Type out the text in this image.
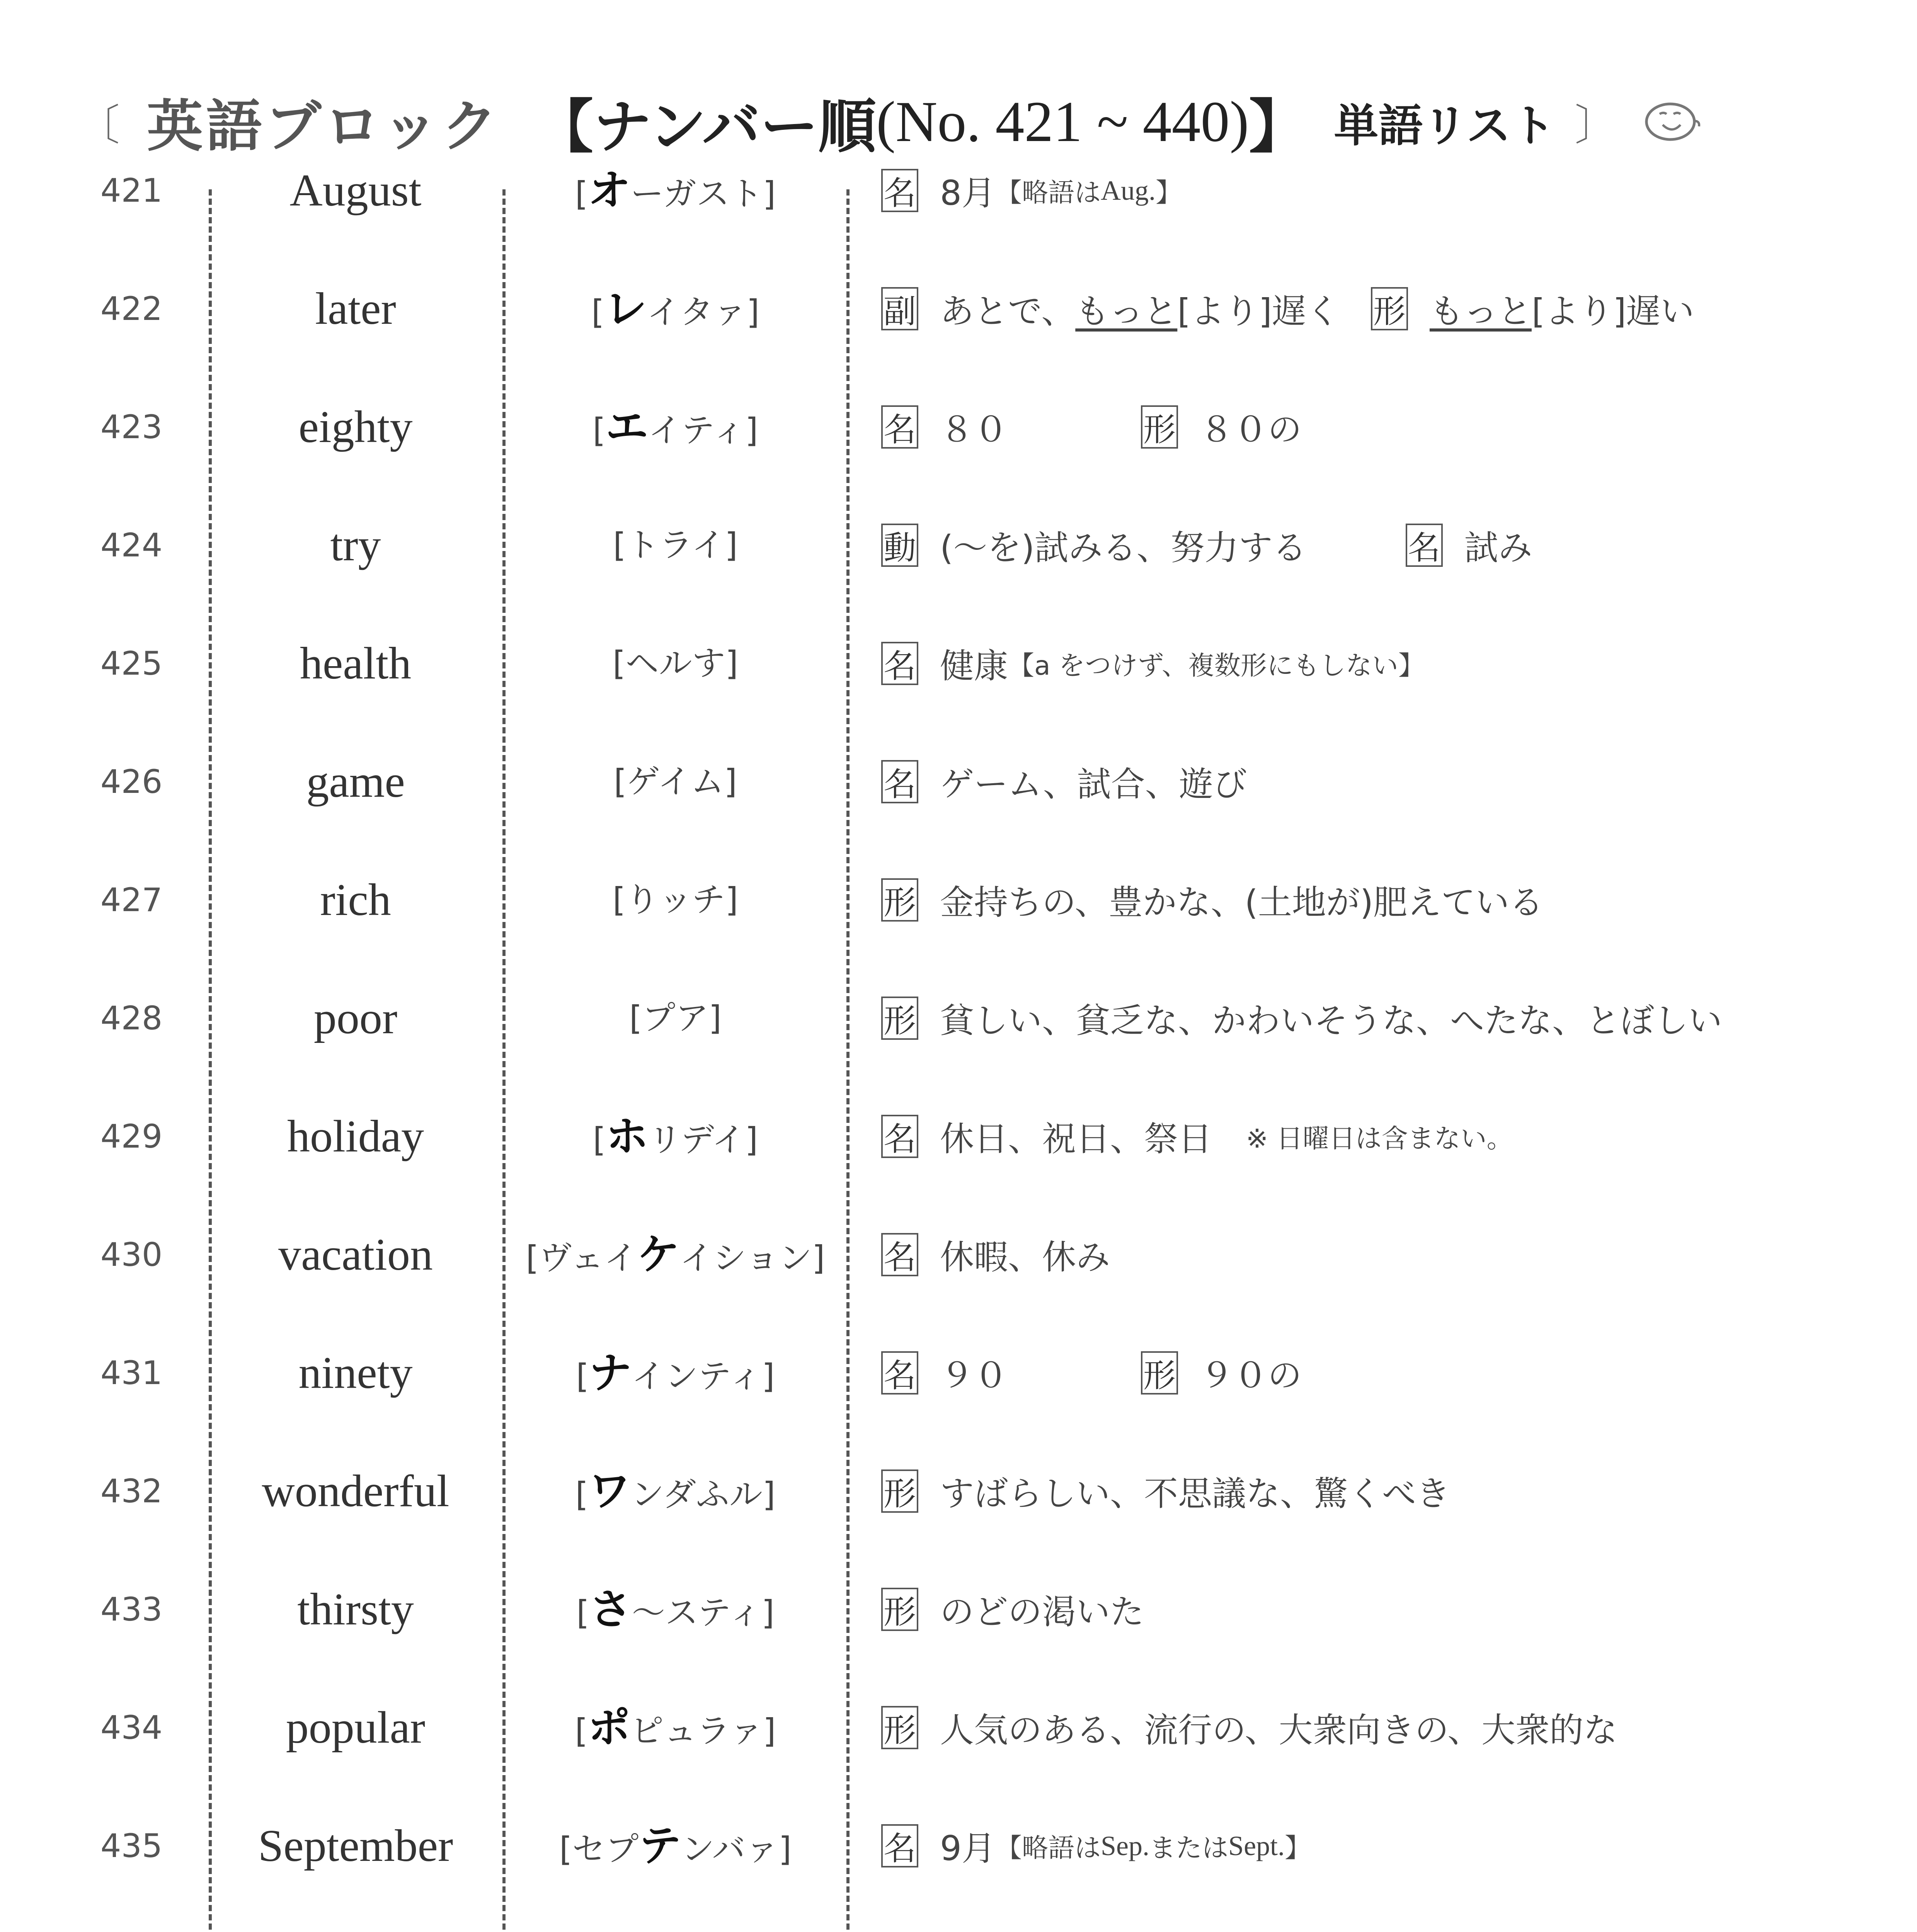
〔 英語ブロック 【ナンバー順 (No. 421 ~ 440) 】 単語リスト 〕
421	August	[オーガスト]	名 8月 【略語は Aug. 】
422	later	[レイタァ]	副 あとで、 もっと [より]遅く 形 もっと [より]遅い
423	eighty	[エイティ]	名 ８０　　　 形 ８０の
424	try	[トライ]	動 (〜を)試みる、努力する　　 名 試み
425	health	[ヘルす]	名 健康 【a をつけず、複数形にもしない】
426	game	[ゲイム]	名 ゲーム、試合、遊び
427	rich	[りッチ]	形 金持ちの、豊かな、(土地が)肥えている
428	poor	[プア]	形 貧しい、貧乏な、かわいそうな、へたな、とぼしい
429	holiday	[ホリデイ]	名 休日、祝日、祭日　 ※ 日曜日は含まない。
430	vacation	[ヴェイケイション]	名 休暇、休み
431	ninety	[ナインティ]	名 ９０　　　 形 ９０の
432	wonderful	[ワンダふル]	形 すばらしい、不思議な、驚くべき
433	thirsty	[さ〜スティ]	形 のどの渇いた
434	popular	[ポピュラァ]	形 人気のある、流行の、大衆向きの、大衆的な
435	September	[セプテンバァ]	名 9月 【略語は Sep. または Sept. 】
